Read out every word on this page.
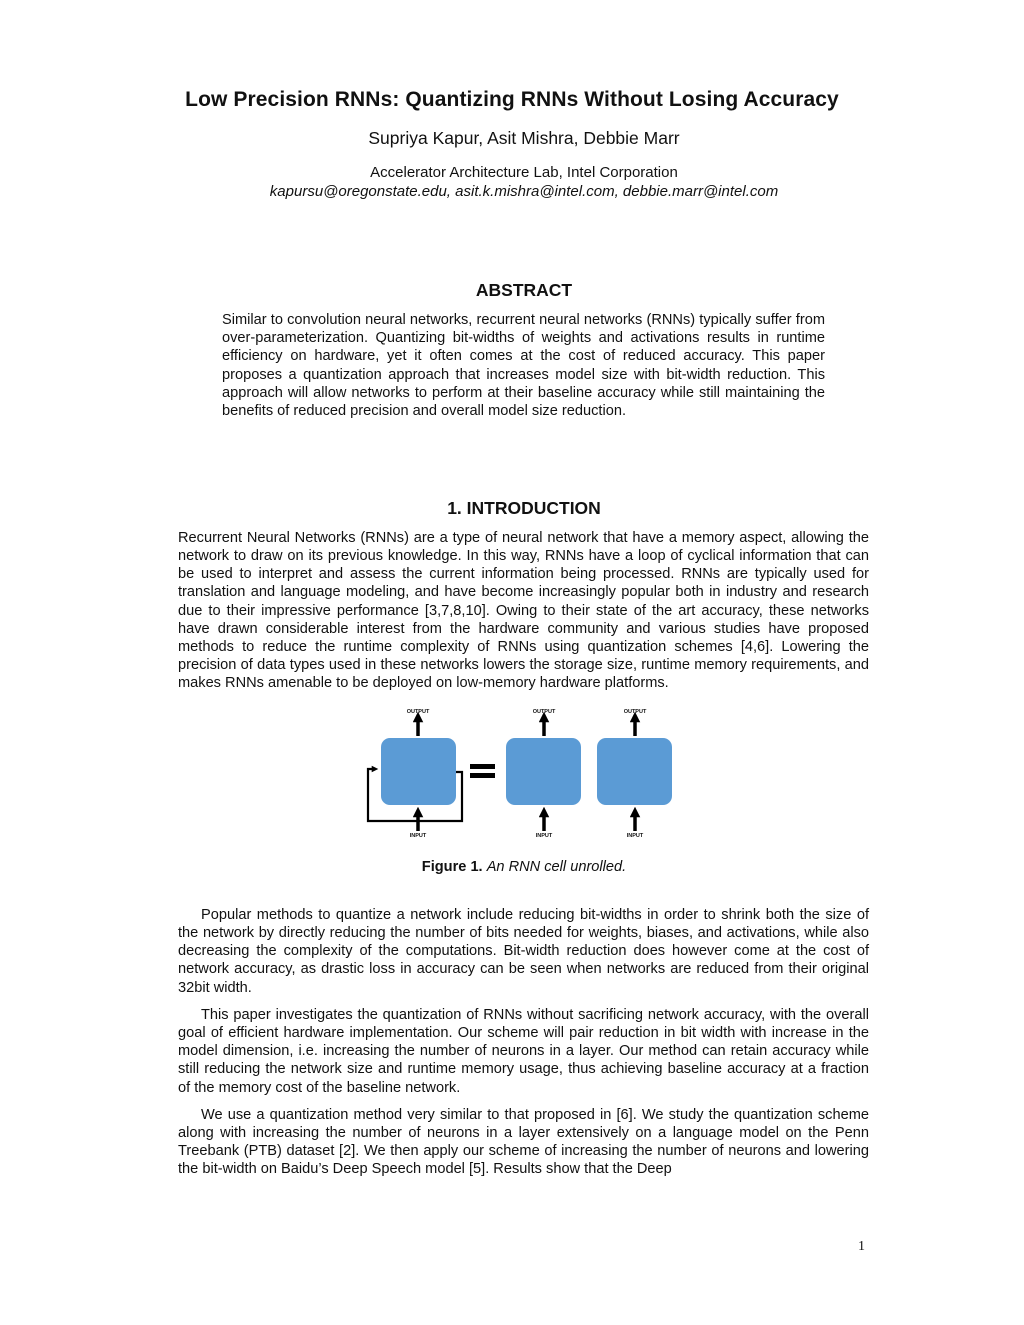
Low Precision RNNs: Quantizing RNNs Without Losing Accuracy
Supriya Kapur, Asit Mishra, Debbie Marr
Accelerator Architecture Lab, Intel Corporation
kapursu@oregonstate.edu, asit.k.mishra@intel.com, debbie.marr@intel.com
ABSTRACT

Similar to convolution neural networks, recurrent neural networks (RNNs) typically suffer from over-parameterization. Quantizing bit-widths of weights and activations results in runtime efficiency on hardware, yet it often comes at the cost of reduced accuracy. This paper proposes a quantization approach that increases model size with bit-width reduction. This approach will allow networks to perform at their baseline accuracy while still maintaining the benefits of reduced precision and overall model size reduction.

1. INTRODUCTION

Recurrent Neural Networks (RNNs) are a type of neural network that have a memory aspect, allowing the network to draw on its previous knowledge. In this way, RNNs have a loop of cyclical information that can be used to interpret and assess the current information being processed. RNNs are typically used for translation and language modeling, and have become increasingly popular both in industry and research due to their impressive performance [3,7,8,10]. Owing to their state of the art accuracy, these networks have drawn considerable interest from the hardware community and various studies have proposed methods to reduce the runtime complexity of RNNs using quantization schemes [4,6]. Lowering the precision of data types used in these networks lowers the storage size, runtime memory requirements, and makes RNNs amenable to be deployed on low-memory hardware platforms.

OUTPUT
INPUT
OUTPUT
INPUT
OUTPUT
INPUT
Figure 1. An RNN cell unrolled.

Popular methods to quantize a network include reducing bit-widths in order to shrink both the size of the network by directly reducing the number of bits needed for weights, biases, and activations, while also decreasing the complexity of the computations. Bit-width reduction does however come at the cost of network accuracy, as drastic loss in accuracy can be seen when networks are reduced from their original 32bit width.

This paper investigates the quantization of RNNs without sacrificing network accuracy, with the overall goal of efficient hardware implementation. Our scheme will pair reduction in bit width with increase in the model dimension, i.e. increasing the number of neurons in a layer. Our method can retain accuracy while still reducing the network size and runtime memory usage, thus achieving baseline accuracy at a fraction of the memory cost of the baseline network.

We use a quantization method very similar to that proposed in [6]. We study the quantization scheme along with increasing the number of neurons in a layer extensively on a language model on the Penn Treebank (PTB) dataset [2]. We then apply our scheme of increasing the number of neurons and lowering the bit-width on Baidu’s Deep Speech model [5]. Results show that the Deep

1
